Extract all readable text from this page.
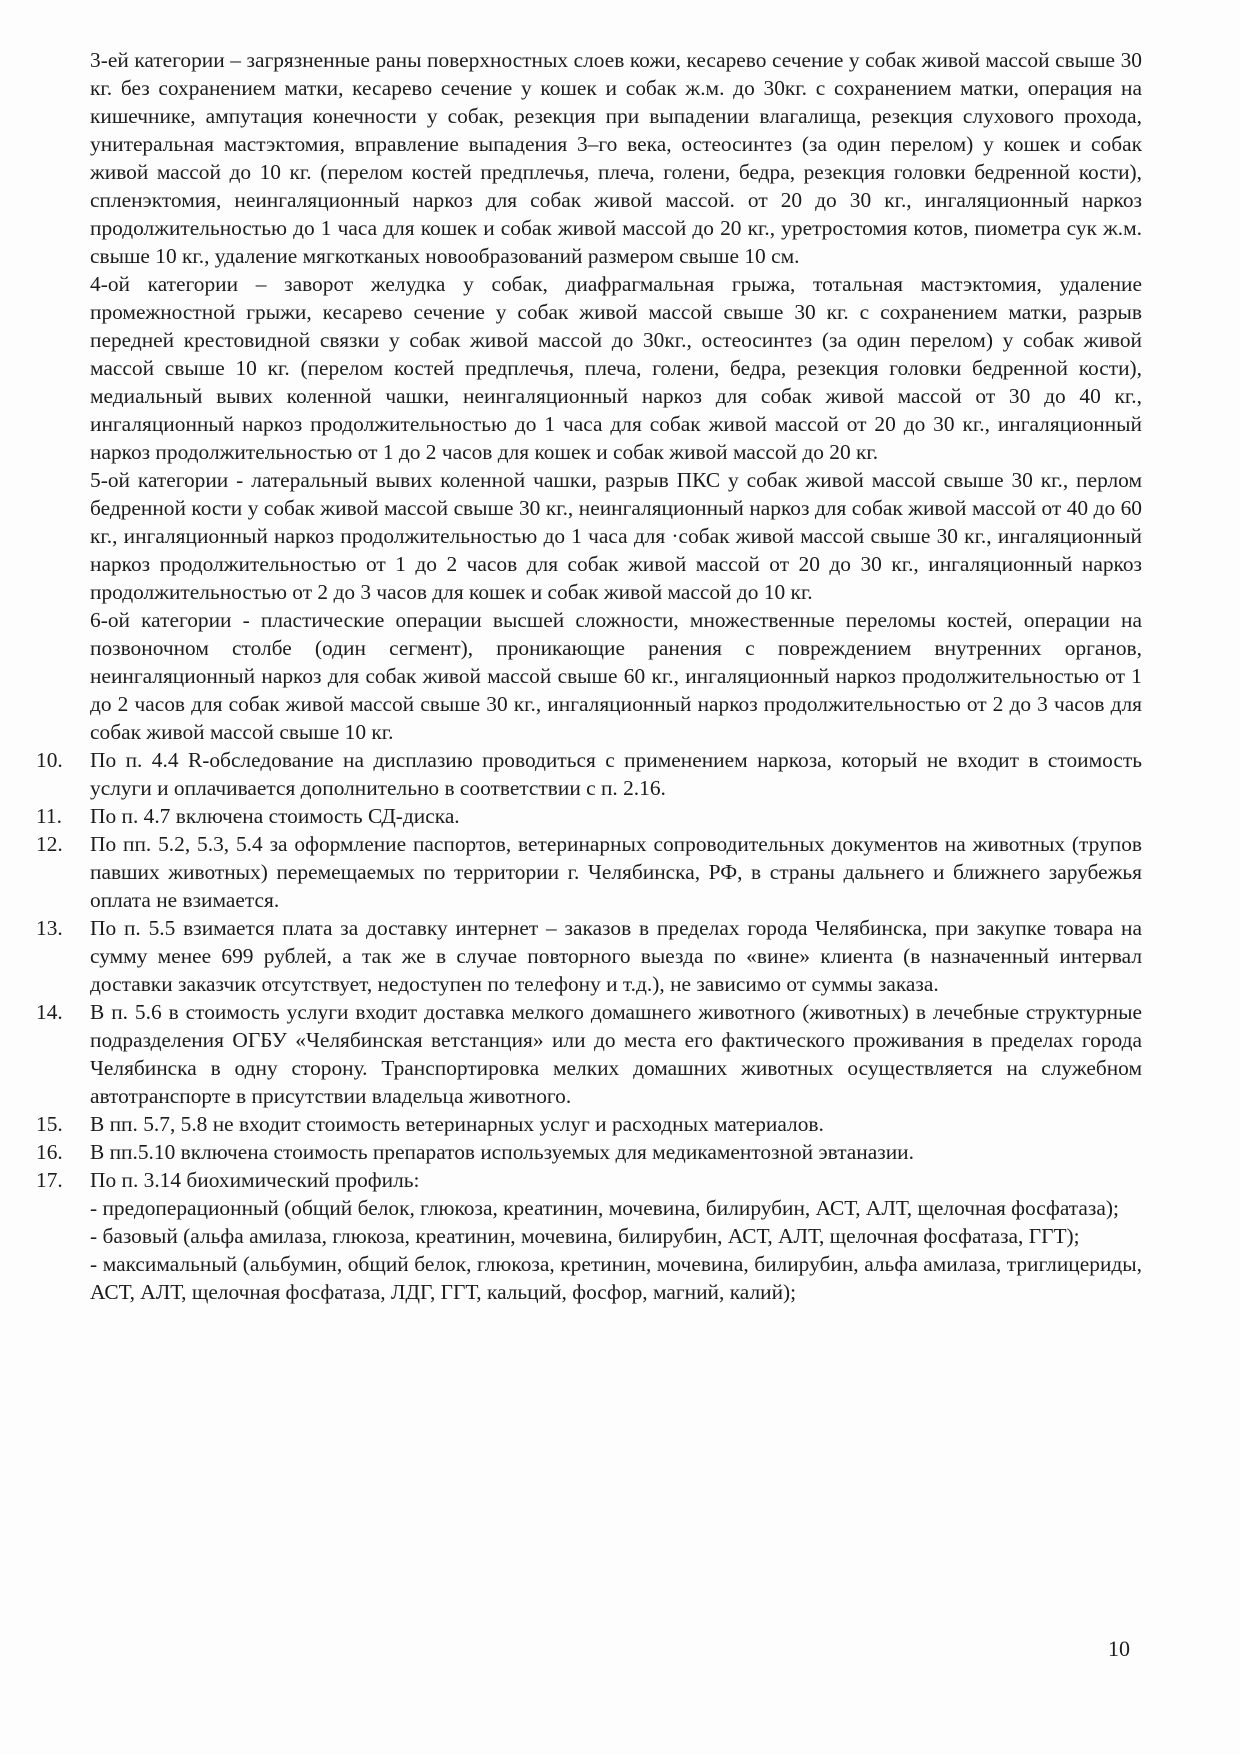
3-ей категории – загрязненные раны поверхностных слоев кожи, кесарево сечение у собак живой массой свыше 30 кг. без сохранением матки, кесарево сечение у кошек и собак ж.м. до 30кг. с сохранением матки, операция на кишечнике, ампутация конечности у собак, резекция при выпадении влагалища, резекция слухового прохода, унитеральная мастэктомия, вправление выпадения 3–го века, остеосинтез (за один перелом) у кошек и собак живой массой до 10 кг. (перелом костей предплечья, плеча, голени, бедра, резекция головки бедренной кости), спленэктомия, неингаляционный наркоз для собак живой массой. от 20 до 30 кг., ингаляционный наркоз продолжительностью до 1 часа для кошек и собак живой массой до 20 кг., уретростомия котов, пиометра сук ж.м. свыше 10 кг., удаление мягкотканых новообразований размером свыше 10 см.

4-ой категории – заворот желудка у собак, диафрагмальная грыжа, тотальная мастэктомия, удаление промежностной грыжи, кесарево сечение у собак живой массой свыше 30 кг. с сохранением матки, разрыв передней крестовидной связки у собак живой массой до 30кг., остеосинтез (за один перелом) у собак живой массой свыше 10 кг. (перелом костей предплечья, плеча, голени, бедра, резекция головки бедренной кости), медиальный вывих коленной чашки, неингаляционный наркоз для собак живой массой от 30 до 40 кг., ингаляционный наркоз продолжительностью до 1 часа для собак живой массой от 20 до 30 кг., ингаляционный наркоз продолжительностью от 1 до 2 часов для кошек и собак живой массой до 20 кг.

5-ой категории - латеральный вывих коленной чашки, разрыв ПКС у собак живой массой свыше 30 кг., перлом бедренной кости у собак живой массой свыше 30 кг., неингаляционный наркоз для собак живой массой от 40 до 60 кг., ингаляционный наркоз продолжительностью до 1 часа для ·собак живой массой свыше 30 кг., ингаляционный наркоз продолжительностью от 1 до 2 часов для собак живой массой от 20 до 30 кг., ингаляционный наркоз продолжительностью от 2 до 3 часов для кошек и собак живой массой до 10 кг.

6-ой категории - пластические операции высшей сложности, множественные переломы костей, операции на позвоночном столбе (один сегмент), проникающие ранения с повреждением внутренних органов, неингаляционный наркоз для собак живой массой свыше 60 кг., ингаляционный наркоз продолжительностью от 1 до 2 часов для собак живой массой свыше 30 кг., ингаляционный наркоз продолжительностью от 2 до 3 часов для собак живой массой свыше 10 кг.

10.	По п. 4.4 R-обследование на дисплазию проводиться с применением наркоза, который не входит в стоимость услуги и оплачивается дополнительно в соответствии с п. 2.16.

11.	По п. 4.7 включена стоимость СД-диска.

12.	По пп. 5.2, 5.3, 5.4 за оформление паспортов, ветеринарных сопроводительных документов на животных (трупов павших животных) перемещаемых по территории г. Челябинска, РФ, в страны дальнего и ближнего зарубежья оплата не взимается.

13.	По п. 5.5 взимается плата за доставку интернет – заказов в пределах города Челябинска, при закупке товара на сумму менее 699 рублей, а так же в случае повторного выезда по «вине» клиента (в назначенный интервал доставки заказчик отсутствует, недоступен по телефону и т.д.), не зависимо от суммы заказа.

14.	В п. 5.6 в стоимость услуги входит доставка мелкого домашнего животного (животных) в лечебные структурные подразделения ОГБУ «Челябинская ветстанция» или до места его фактического проживания в пределах города Челябинска в одну сторону. Транспортировка мелких домашних животных осуществляется на служебном автотранспорте в присутствии владельца животного.

15.	В пп. 5.7, 5.8 не входит стоимость ветеринарных услуг и расходных материалов.

16.	В пп.5.10 включена стоимость препаратов используемых для медикаментозной эвтаназии.

17.	По п. 3.14 биохимический профиль:

- предоперационный (общий белок, глюкоза, креатинин, мочевина, билирубин, АСТ, АЛТ, щелочная фосфатаза);

- базовый (альфа амилаза, глюкоза, креатинин, мочевина, билирубин, АСТ, АЛТ, щелочная фосфатаза, ГГТ);

- максимальный (альбумин, общий белок, глюкоза, кретинин, мочевина, билирубин, альфа амилаза, триглицериды, АСТ, АЛТ, щелочная фосфатаза, ЛДГ, ГГТ, кальций, фосфор, магний, калий);

10
